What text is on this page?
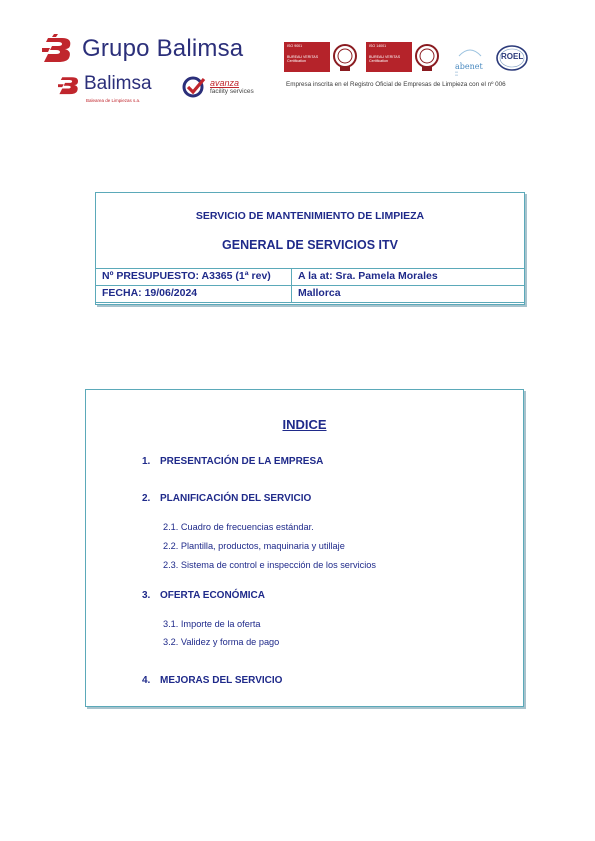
Grupo Balimsa
Balimsa
Balearea de Limpiezas s.a.
avanza
facility services
ISO 9001
BUREAU VERITAS
Certification
ISO 14001
BUREAU VERITAS
Certification
abenet
▪▪▪
▪▪▪
ROEL
Empresa inscrita en el Registro Oficial de Empresas de Limpieza con el nº 006
SERVICIO DE MANTENIMIENTO DE LIMPIEZA
GENERAL DE SERVICIOS ITV
Nº PRESUPUESTO: A3365 (1ª rev)	A la at: Sra. Pamela Morales
FECHA: 19/06/2024	Mallorca
INDICE
1. PRESENTACIÓN DE LA EMPRESA
2. PLANIFICACIÓN DEL SERVICIO
2.1. Cuadro de frecuencias estándar.
2.2. Plantilla, productos, maquinaria y utillaje
2.3. Sistema de control e inspección de los servicios
3. OFERTA ECONÓMICA
3.1. Importe de la oferta
3.2. Validez y forma de pago
4. MEJORAS DEL SERVICIO
